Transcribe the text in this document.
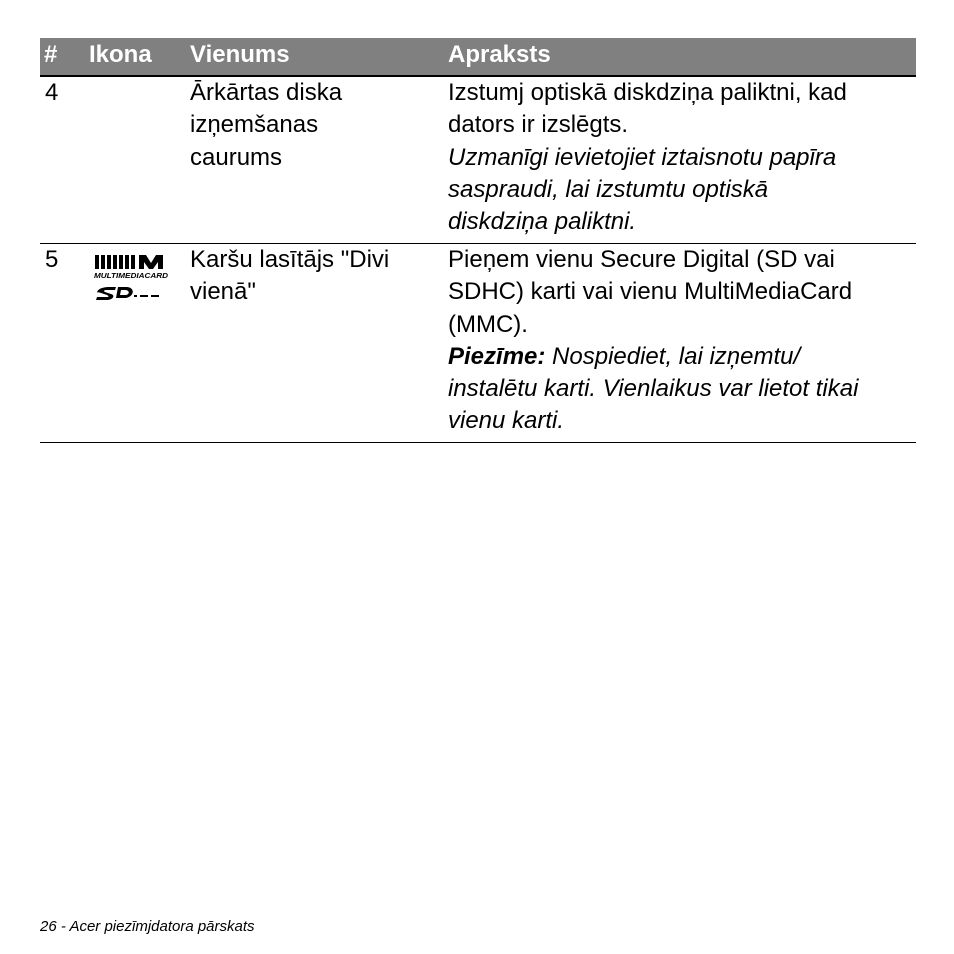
# Ikona Vienums	Apraksts
4	Ārkārtas diska
izņemšanas
caurums
Izstumj optiskā diskdziņa paliktni, kad
dators ir izslēgts.
Uzmanīgi ievietojiet iztaisnotu papīra
saspraudi, lai izstumtu optiskā
diskdziņa paliktni.
5
MULTIMEDIACARD
Karšu lasītājs "Divi
vienā"
Pieņem vienu Secure Digital (SD vai
SDHC) karti vai vienu MultiMediaCard
(MMC).
Piezīme: Nospiediet, lai izņemtu/
instalētu karti. Vienlaikus var lietot tikai
vienu karti.
26 - Acer piezīmjdatora pārskats
